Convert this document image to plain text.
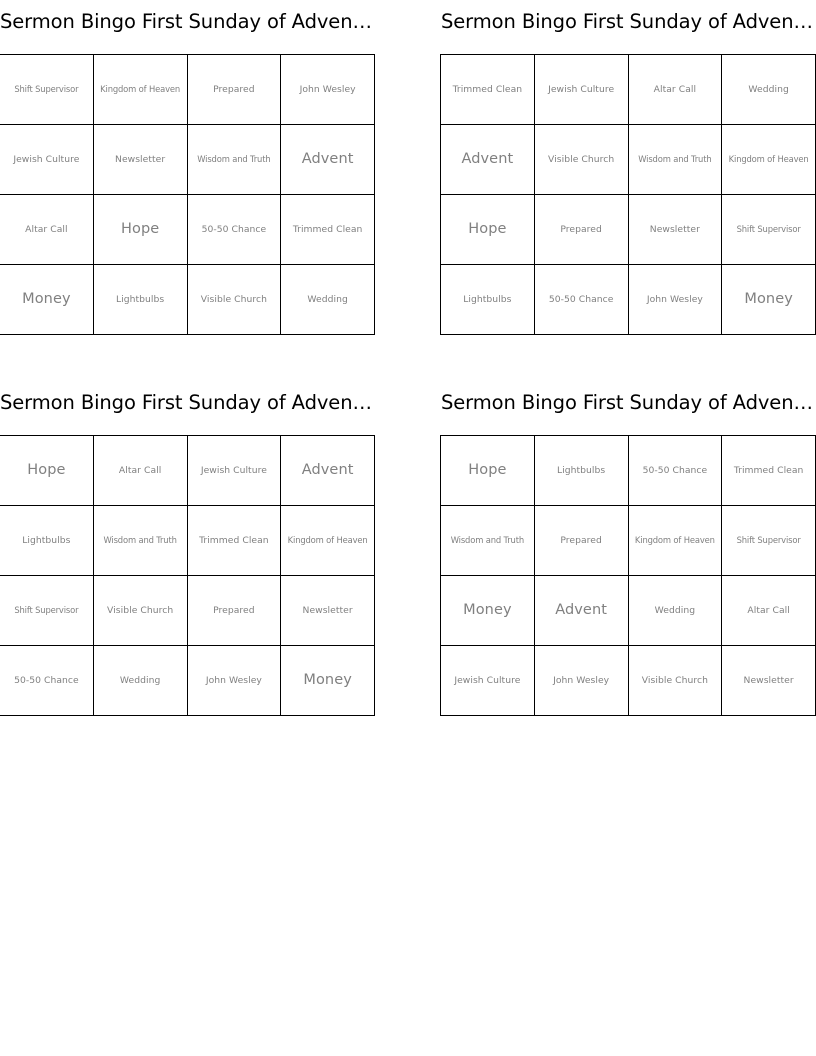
Sermon Bingo First Sunday of Adven…
Shift Supervisor	Kingdom of Heaven	Prepared	John Wesley
Jewish Culture	Newsletter	Wisdom and Truth	Advent
Altar Call	Hope	50-50 Chance	Trimmed Clean
Money	Lightbulbs	Visible Church	Wedding
Sermon Bingo First Sunday of Adven…
Trimmed Clean	Jewish Culture	Altar Call	Wedding
Advent	Visible Church	Wisdom and Truth	Kingdom of Heaven
Hope	Prepared	Newsletter	Shift Supervisor
Lightbulbs	50-50 Chance	John Wesley	Money
Sermon Bingo First Sunday of Adven…
Hope	Altar Call	Jewish Culture	Advent
Lightbulbs	Wisdom and Truth	Trimmed Clean	Kingdom of Heaven
Shift Supervisor	Visible Church	Prepared	Newsletter
50-50 Chance	Wedding	John Wesley	Money
Sermon Bingo First Sunday of Adven…
Hope	Lightbulbs	50-50 Chance	Trimmed Clean
Wisdom and Truth	Prepared	Kingdom of Heaven	Shift Supervisor
Money	Advent	Wedding	Altar Call
Jewish Culture	John Wesley	Visible Church	Newsletter
